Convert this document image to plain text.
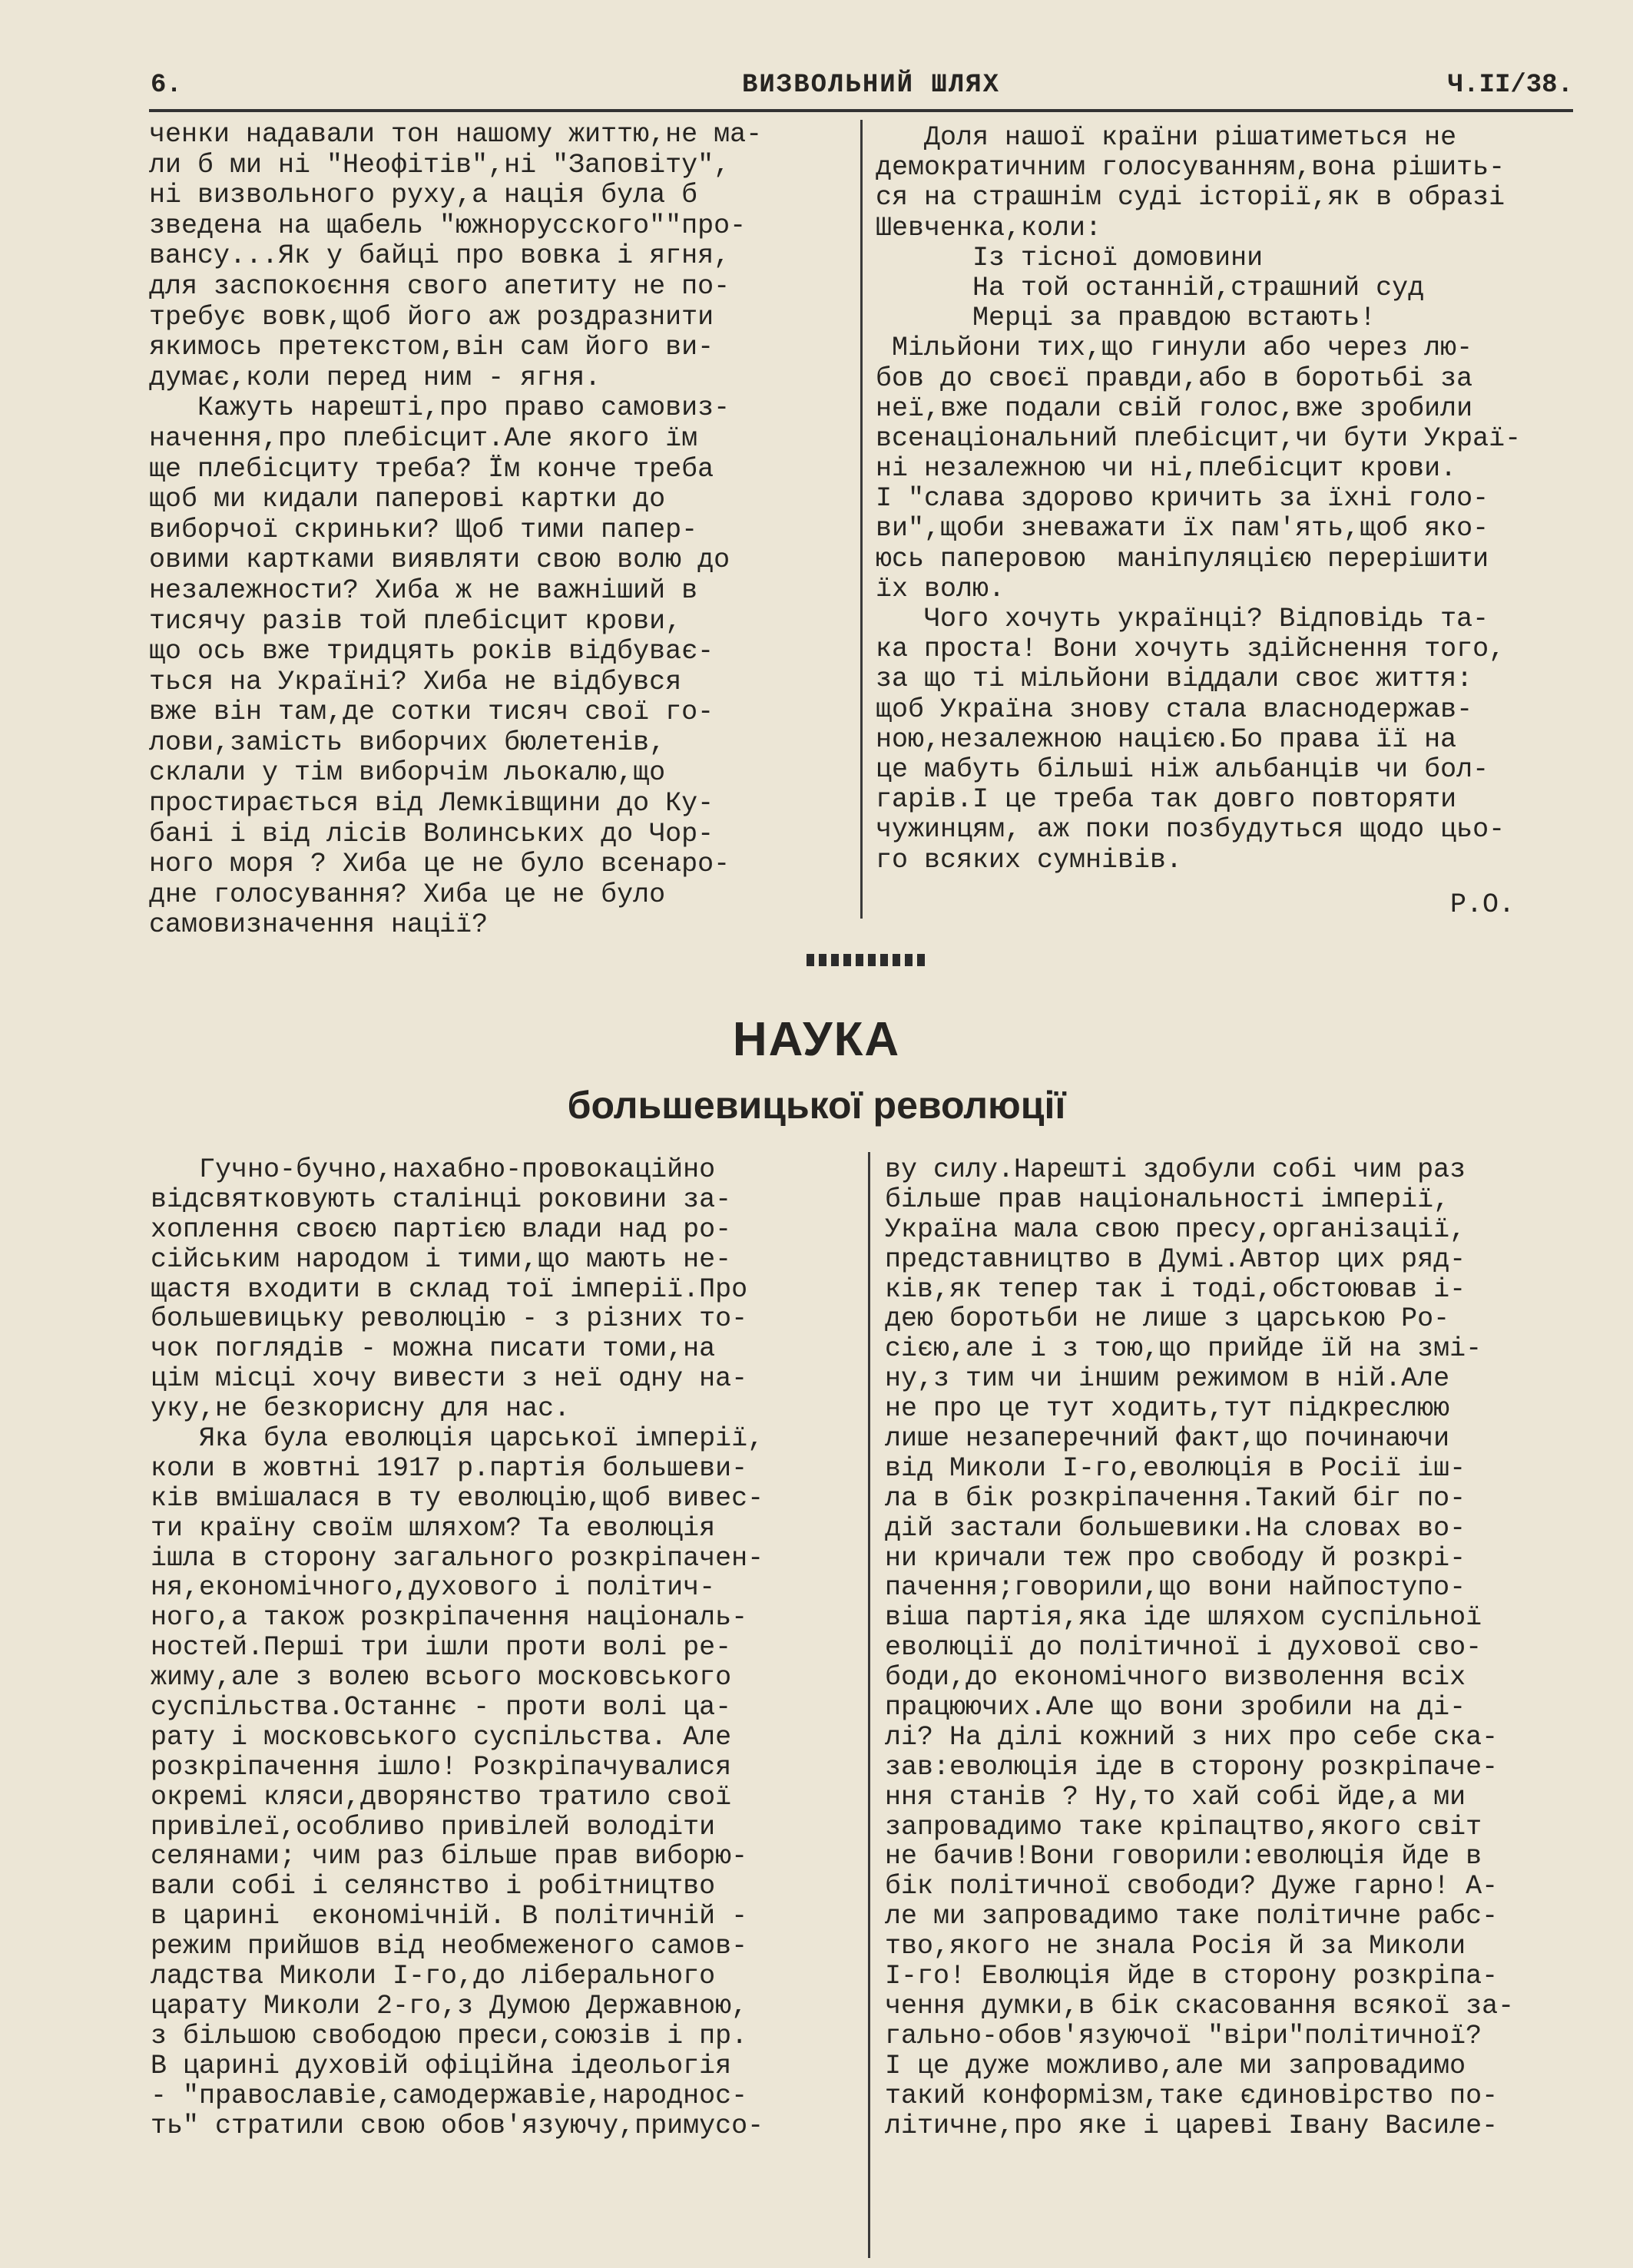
6.	ВИЗВОЛЬНИЙ ШЛЯХ	Ч.II/38.
ченки надавали тон нашому життю,не ма-
ли б ми ні "Неофітів",ні "Заповіту",
ні визвольного руху,а нація була б
зведена на щабель "южнорусского""про-
вансу...Як у байці про вовка і ягня,
для заспокоєння свого апетиту не по-
требує вовк,щоб його аж роздразнити
якимось претекстом,він сам його ви-
думає,коли перед ним - ягня.
Кажуть нарешті,про право самовиз-
начення,про плебісцит.Але якого їм
ще плебісциту треба? Їм конче треба
щоб ми кидали паперові картки до
виборчої скриньки? Щоб тими папер-
овими картками виявляти свою волю до
незалежности? Хиба ж не важніший в
тисячу разів той плебісцит крови,
що ось вже тридцять років відбуває-
ться на Україні? Хиба не відбувся
вже він там,де сотки тисяч свої го-
лови,замість виборчих бюлетенів,
склали у тім виборчім льокалю,що
простирається від Лемківщини до Ку-
бані і від лісів Волинських до Чор-
ного моря ? Хиба це не було всенаро-
дне голосування? Хиба це не було
самовизначення нації?
Доля нашої країни рішатиметься не
демократичним голосуванням,вона рішить-
ся на страшнім суді історії,як в образі
Шевченка,коли:
Із тісної домовини
На той останній,страшний суд
Мерці за правдою встають!
Мільйони тих,що гинули або через лю-
бов до своєї правди,або в боротьбі за
неї,вже подали свій голос,вже зробили
всенаціональний плебісцит,чи бути Украї-
ні незалежною чи ні,плебісцит крови.
І "слава здорово кричить за їхні голо-
ви",щоби зневажати їх пам'ять,щоб яко-
юсь паперовою  маніпуляцією перерішити
їх волю.
Чого хочуть українці? Відповідь та-
ка проста! Вони хочуть здійснення того,
за що ті мільйони віддали своє життя:
щоб Україна знову стала власнодержав-
ною,незалежною нацією.Бо права її на
це мабуть більші ніж альбанців чи бол-
гарів.І це треба так довго повторяти
чужинцям, аж поки позбудуться щодо цьо-
го всяких сумнівів.
Р.О.
НАУКА
большевицької революції
Гучно-бучно,нахабно-провокаційно
відсвятковують сталінці роковини за-
хоплення своєю партією влади над ро-
сійським народом і тими,що мають не-
щастя входити в склад тої імперії.Про
большевицьку революцію - з різних то-
чок поглядів - можна писати томи,на
цім місці хочу вивести з неї одну на-
уку,не безкорисну для нас.
Яка була еволюція царської імперії,
коли в жовтні 1917 р.партія большеви-
ків вмішалася в ту еволюцію,щоб вивес-
ти країну своїм шляхом? Та еволюція
ішла в сторону загального розкріпачен-
ня,економічного,духового і політич-
ного,а також розкріпачення національ-
ностей.Перші три ішли проти волі ре-
жиму,але з волею всього московського
суспільства.Останнє - проти волі ца-
рату і московського суспільства. Але
розкріпачення ішло! Розкріпачувалися
окремі кляси,дворянство тратило свої
привілеї,особливо привілей володіти
селянами; чим раз більше прав виборю-
вали собі і селянство і робітництво
в царині  економічній. В політичній -
режим прийшов від необмеженого самов-
ладства Миколи І-го,до ліберального
царату Миколи 2-го,з Думою Державною,
з більшою свободою преси,союзів і пр.
В царині духовій офіційна ідеольогія
- "православіе,самодержавіе,народнос-
ть" стратили свою обов'язуючу,примусо-
ву силу.Нарешті здобули собі чим раз
більше прав національності імперії,
Україна мала свою пресу,організації,
представництво в Думі.Автор цих ряд-
ків,як тепер так і тоді,обстоював і-
дею боротьби не лише з царською Ро-
сією,але і з тою,що прийде їй на змі-
ну,з тим чи іншим режимом в ній.Але
не про це тут ходить,тут підкреслюю
лише незаперечний факт,що починаючи
від Миколи І-го,еволюція в Росії іш-
ла в бік розкріпачення.Такий біг по-
дій застали большевики.На словах во-
ни кричали теж про свободу й розкрі-
пачення;говорили,що вони найпоступо-
віша партія,яка іде шляхом суспільної
еволюції до політичної і духової сво-
боди,до економічного визволення всіх
працюючих.Але що вони зробили на ді-
лі? На ділі кожний з них про себе ска-
зав:еволюція іде в сторону розкріпаче-
ння станів ? Ну,то хай собі йде,а ми
запровадимо таке кріпацтво,якого світ
не бачив!Вони говорили:еволюція йде в
бік політичної свободи? Дуже гарно! А-
ле ми запровадимо таке політичне рабс-
тво,якого не знала Росія й за Миколи
І-го! Еволюція йде в сторону розкріпа-
чення думки,в бік скасовання всякої за-
гально-обов'язуючої "віри"політичної?
І це дуже можливо,але ми запровадимо
такий конформізм,таке єдиновірство по-
літичне,про яке і цареві Івану Василе-
